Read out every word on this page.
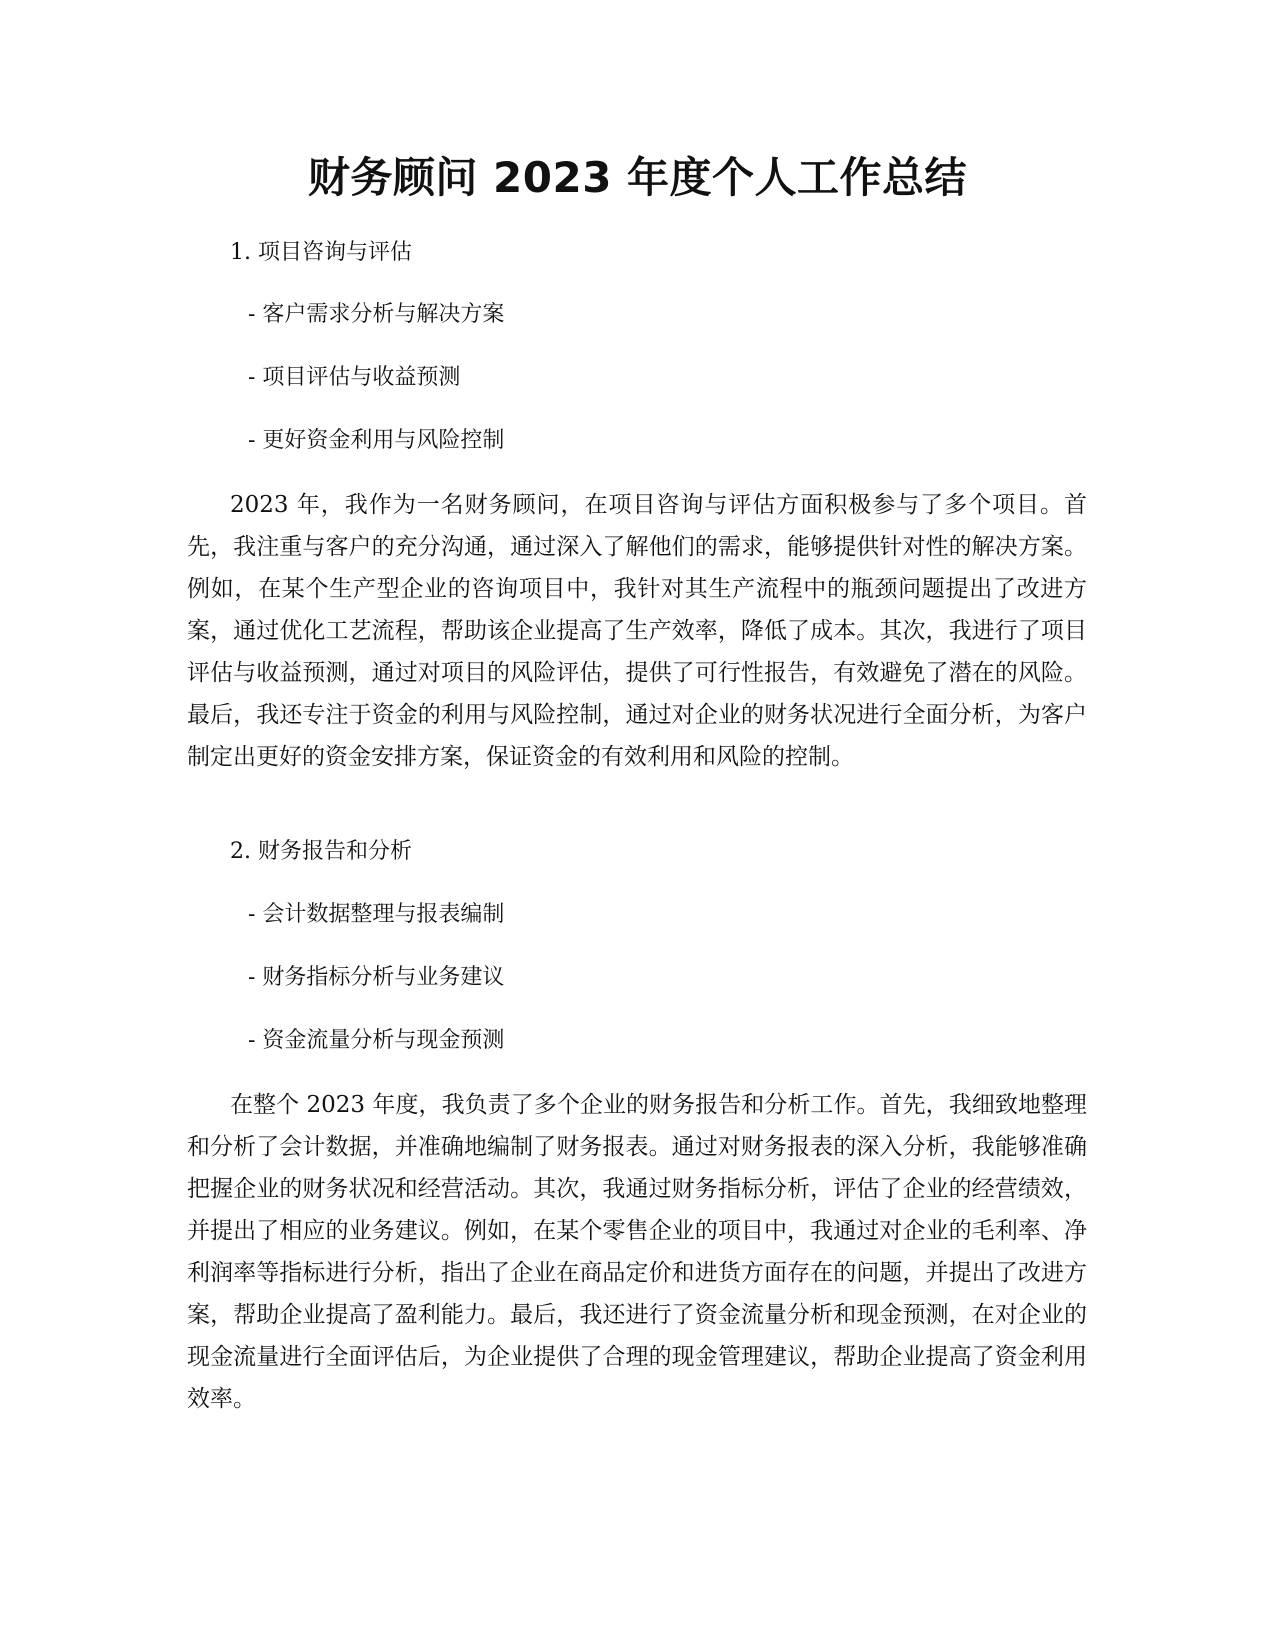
财务顾问 2023 年度个人工作总结

1. 项目咨询与评估

- 客户需求分析与解决方案

- 项目评估与收益预测

- 更好资金利用与风险控制

2023 年，我作为一名财务顾问，在项目咨询与评估方面积极参与了多个项目。首先，我注重与客户的充分沟通，通过深入了解他们的需求，能够提供针对性的解决方案。例如，在某个生产型企业的咨询项目中，我针对其生产流程中的瓶颈问题提出了改进方案，通过优化工艺流程，帮助该企业提高了生产效率，降低了成本。其次，我进行了项目评估与收益预测，通过对项目的风险评估，提供了可行性报告，有效避免了潜在的风险。最后，我还专注于资金的利用与风险控制，通过对企业的财务状况进行全面分析，为客户制定出更好的资金安排方案，保证资金的有效利用和风险的控制。

2. 财务报告和分析

- 会计数据整理与报表编制

- 财务指标分析与业务建议

- 资金流量分析与现金预测

在整个 2023 年度，我负责了多个企业的财务报告和分析工作。首先，我细致地整理和分析了会计数据，并准确地编制了财务报表。通过对财务报表的深入分析，我能够准确把握企业的财务状况和经营活动。其次，我通过财务指标分析，评估了企业的经营绩效，并提出了相应的业务建议。例如，在某个零售企业的项目中，我通过对企业的毛利率、净利润率等指标进行分析，指出了企业在商品定价和进货方面存在的问题，并提出了改进方案，帮助企业提高了盈利能力。最后，我还进行了资金流量分析和现金预测，在对企业的现金流量进行全面评估后，为企业提供了合理的现金管理建议，帮助企业提高了资金利用效率。
